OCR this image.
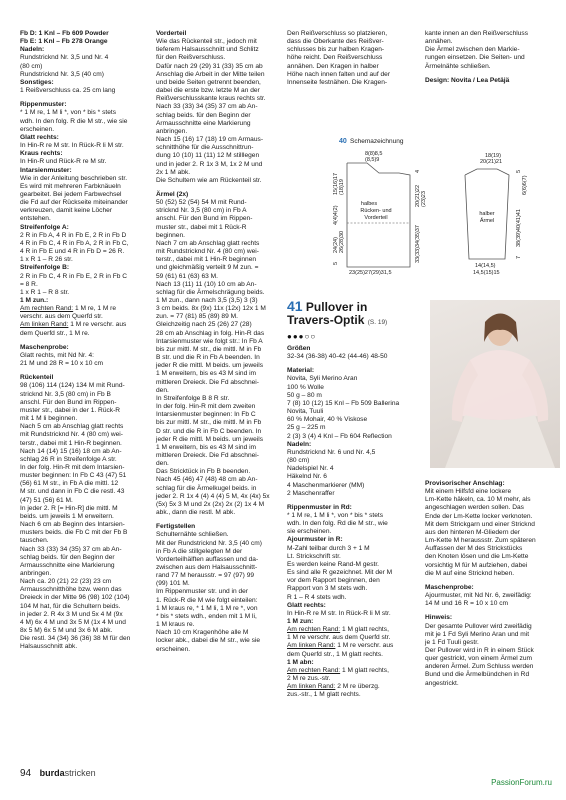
Fb D: 1 Knl – Fb 609 Powder

Fb E: 1 Knl – Fb 278 Orange

Nadeln:

Rundstricknd Nr. 3,5 und Nr. 4
(80 cm)
Rundstricknd Nr. 3,5 (40 cm)

Sonstiges:

1 Reißverschluss ca. 25 cm lang

Rippenmuster:

* 1 M re, 1 M li *, von * bis * stets
wdh. In den folg. R die M str., wie sie
erscheinen.

Glatt rechts:

In Hin-R re M str. In Rück-R li M str.

Kraus rechts:

In Hin-R und Rück-R re M str.

Intarsienmuster:

Wie in der Anleitung beschrieben str.
Es wird mit mehreren Farbknäueln
gearbeitet. Bei jedem Farbwechsel
die Fd auf der Rückseite miteinander
verkreuzen, damit keine Löcher
entstehen.

Streifenfolge A:

2 R in Fb A, 4 R in Fb E, 2 R in Fb D
4 R in Fb C, 4 R in Fb A, 2 R in Fb C,
4 R in Fb E und 4 R in Fb D = 26 R.
1 x R 1 – R 26 str.

Streifenfolge B:

2 R in Fb C, 4 R in Fb E, 2 R in Fb C
= 8 R.
1 x R 1 – R 8 str.

1 M zun.:

Am rechten Rand: 1 M re, 1 M re
verschr. aus dem Querfd str.
Am linken Rand: 1 M re verschr. aus
dem Querfd str., 1 M re.

Maschenprobe:

Glatt rechts, mit Nd Nr. 4:
21 M und 28 R = 10 x 10 cm

Rückenteil

98 (106) 114 (124) 134 M mit Rund-
stricknd Nr. 3,5 (80 cm) in Fb B
anschl. Für den Bund im Rippen-
muster str., dabei in der 1. Rück-R
mit 1 M li beginnen.
Nach 5 cm ab Anschlag glatt rechts
mit Rundstricknd Nr. 4 (80 cm) wei-
terstr., dabei mit 1 Hin-R beginnen.
Nach 14 (14) 15 (16) 18 cm ab An-
schlag 26 R in Streifenfolge A str.
In der folg. Hin-R mit dem Intarsien-
muster beginnen: In Fb C 43 (47) 51
(56) 61 M str., in Fb A die mittl. 12
M str. und dann in Fb C die restl. 43
(47) 51 (56) 61 M.
In jeder 2. R [= Hin-R] die mittl. M
beids. um jeweils 1 M erweitern.
Nach 6 cm ab Beginn des Intarsien-
musters beids. die Fb C mit der Fb B
tauschen.
Nach 33 (33) 34 (35) 37 cm ab An-
schlag beids. für den Beginn der
Armausschnitte eine Markierung
anbringen.
Nach ca. 20 (21) 22 (23) 23 cm
Armausschnitthöhe bzw. wenn das
Dreieck in der Mitte 96 (98) 102 (104)
104 M hat, für die Schultern beids.
in jeder 2. R 4x 3 M und 5x 4 M (9x
4 M) 6x 4 M und 3x 5 M (1x 4 M und
8x 5 M) 6x 5 M und 3x 6 M abk.
Die restl. 34 (34) 36 (36) 38 M für den
Halsausschnitt abk.

Vorderteil

Wie das Rückenteil str., jedoch mit
tieferem Halsausschnitt und Schlitz
für den Reißverschluss.
Dafür nach 29 (29) 31 (33) 35 cm ab
Anschlag die Arbeit in der Mitte teilen
und beide Seiten getrennt beenden,
dabei die erste bzw. letzte M an der
Reißverschlusskante kraus rechts str.
Nach 33 (33) 34 (35) 37 cm ab An-
schlag beids. für den Beginn der
Armausschnitte eine Markierung
anbringen.
Nach 15 (16) 17 (18) 19 cm Armaus-
schnitthöhe für die Ausschnittrun-
dung 10 (10) 11 (11) 12 M stilllegen
und in jeder 2. R 1x 3 M, 1x 2 M und
2x 1 M abk.
Die Schultern wie am Rückenteil str.

Ärmel (2x)

50 (52) 52 (54) 54 M mit Rund-
stricknd Nr. 3,5 (80 cm) in Fb A
anschl. Für den Bund im Rippen-
muster str., dabei mit 1 Rück-R
beginnen.
Nach 7 cm ab Anschlag glatt rechts
mit Rundstricknd Nr. 4 (80 cm) wei-
terstr., dabei mit 1 Hin-R beginnen
und gleichmäßig verteilt 9 M zun. =
59 (61) 61 (63) 63 M.
Nach 13 (11) 11 (10) 10 cm ab An-
schlag für die Ärmelschrägung beids.
1 M zun., dann nach 3,5 (3,5) 3 (3)
3 cm beids. 8x (9x) 11x (12x) 12x 1 M
zun. = 77 (81) 85 (89) 89 M.
Gleichzeitig nach 25 (26) 27 (28)
28 cm ab Anschlag in folg. Hin-R das
Intarsienmuster wie folgt str.: In Fb A
bis zur mittl. M str., die mittl. M in Fb
B str. und die R in Fb A beenden. In
jeder R die mittl. M beids. um jeweils
1 M erweitern, bis es 43 M sind im
mittleren Dreieck. Die Fd abschnei-
den.
In Streifenfolge B 8 R str.
In der folg. Hin-R mit dem zweiten
Intarsienmuster beginnen: In Fb C
bis zur mittl. M str., die mittl. M in Fb
D str. und die R in Fb C beenden. In
jeder R die mittl. M beids. um jeweils
1 M erweitern, bis es 43 M sind im
mittleren Dreieck. Die Fd abschnei-
den.
Das Stricktück in Fb B beenden.
Nach 45 (46) 47 (48) 48 cm ab An-
schlag für die Ärmelkugel beids. in
jeder 2. R 1x 4 (4) 4 (4) 5 M, 4x (4x) 5x
(5x) 5x 3 M und 2x (2x) 2x (2) 1x 4 M
abk., dann die restl. M abk.

Fertigstellen

Schulternähte schließen.
Mit der Rundstricknd Nr. 3,5 (40 cm)
in Fb A die stillgelegten M der
Vorderteilhälften auffassen und da-
zwischen aus dem Halsausschnitt-
rand 77 M herausstr. = 97 (97) 99
(99) 101 M.
Im Rippenmuster str. und in der
1. Rück-R die M wie folgt einteilen:
1 M kraus re, * 1 M li, 1 M re *, von
* bis * stets wdh., enden mit 1 M li,
1 M kraus re.
Nach 10 cm Kragenhöhe alle M
locker abk., dabei die M str., wie sie
erscheinen.

Den Reißverschluss so platzieren,
dass die Oberkante des Reißver-
schlusses bis zur halben Kragen-
höhe reicht. Den Reißverschluss
annähen. Den Kragen in halber
Höhe nach innen falten und auf der
Innenseite festnähen. Die Kragen-

kante innen an den Reißverschluss
annähen.
Die Ärmel zwischen den Markie-
rungen einsetzen. Die Seiten- und
Ärmelnähte schließen.

Design: Novita / Lea Petäjä

40 Schemazeichnung
8(8)8,5
(8,5)9
halbes
Rücken- und
Vorderteil
15(16)17 (18)19
4(4)4(2)
24(24) 26(28)30
5
20(21)22 (23)23
33(33)34(35)37
4
23(25)27(29)31,5
18(19)
20(21)21
halber
Ärmel
5
6(6)6(7)
38(39)40(41)41
7
14(14,5)
14,5(15)15
41 Pullover in
Travers-Optik (S. 19)
●●●○○

Größen

32-34 (36-38) 40-42 (44-46) 48-50

Material:

Novita, Syli Merino Aran
100 % Wolle
50 g – 80 m
7 (8) 10 (12) 15 Knl – Fb 509 Ballerina
Novita, Tuuli
60 % Mohair, 40 % Viskose
25 g – 225 m
2 (3) 3 (4) 4 Knl – Fb 604 Reflection

Nadeln:

Rundstricknd Nr. 6 und Nr. 4,5
(80 cm)
Nadelspiel Nr. 4
Häkelnd Nr. 6
4 Maschenmarkierer (MM)
2 Maschenraffer

Rippenmuster in Rd:

* 1 M re, 1 M li *, von * bis * stets
wdh. In den folg. Rd die M str., wie
sie erscheinen.

Ajourmuster in R:

M-Zahl teilbar durch 3 + 1 M
Lt. Strickschrift str.
Es werden keine Rand-M gestr.
Es sind alle R gezeichnet. Mit der M
vor dem Rapport beginnen, den
Rapport von 3 M stets wdh.
R 1 – R 4 stets wdh.

Glatt rechts:

In Hin-R re M str. In Rück-R li M str.

1 M zun:

Am rechten Rand: 1 M glatt rechts,
1 M re verschr. aus dem Querfd str.
Am linken Rand: 1 M re verschr. aus
dem Querfd str., 1 M glatt rechts.

1 M abn:

Am rechten Rand: 1 M glatt rechts,
2 M re zus.-str.
Am linken Rand: 2 M re überzg.
zus.-str., 1 M glatt rechts.

Provisorischer Anschlag:

Mit einem Hilfsfd eine lockere
Lm-Kette häkeln, ca. 10 M mehr, als
angeschlagen werden sollen. Das
Ende der Lm-Kette locker verknoten.
Mit dem Strickgarn und einer Stricknd
aus den hinteren M-Gliedern der
Lm-Kette M heraussstr. Zum späteren
Auffassen der M des Strickstücks
den Knoten lösen und die Lm-Kette
vorsichtig M für M aufziehen, dabei
die M auf eine Stricknd heben.

Maschenprobe:

Ajourmuster, mit Nd Nr. 6, zweifädig:
14 M und 16 R = 10 x 10 cm

Hinweis:

Der gesamte Pullover wird zweifädig
mit je 1 Fd Syli Merino Aran und mit
je 1 Fd Tuuli gestr.
Der Pullover wird in R in einem Stück
quer gestrickt, von einem Ärmel zum
anderen Ärmel. Zum Schluss werden
Bund und die Ärmelbündchen in Rd
angestrickt.

94 burdastricken
PassionForum.ru
